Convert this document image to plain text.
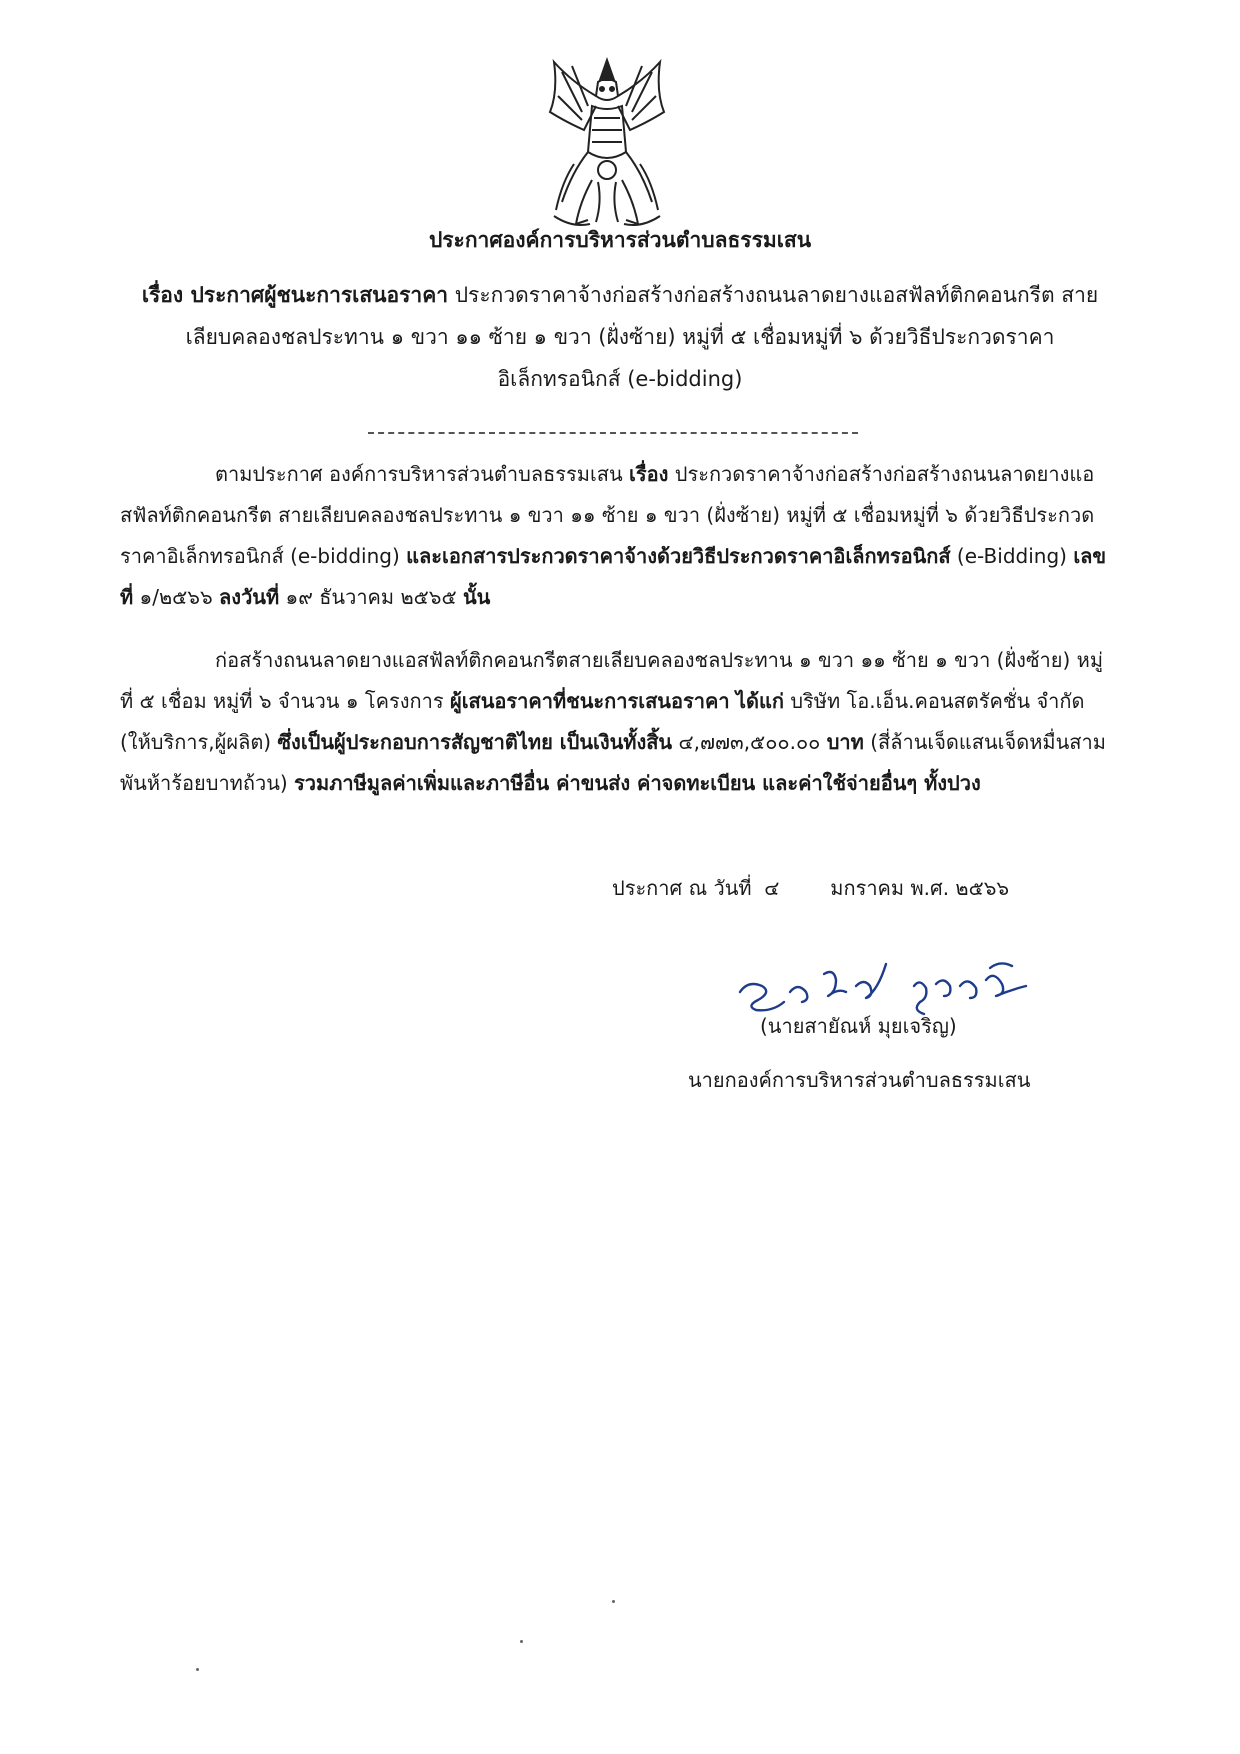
ประกาศองค์การบริหารส่วนตำบลธรรมเสน
เรื่อง ประกาศผู้ชนะการเสนอราคา ประกวดราคาจ้างก่อสร้างก่อสร้างถนนลาดยางแอสฟัลท์ติกคอนกรีต สาย
เลียบคลองชลประทาน ๑ ขวา ๑๑ ซ้าย ๑ ขวา (ฝั่งซ้าย) หมู่ที่ ๕ เชื่อมหมู่ที่ ๖ ด้วยวิธีประกวดราคา
อิเล็กทรอนิกส์ (e-bidding)

ตามประกาศ องค์การบริหารส่วนตำบลธรรมเสน เรื่อง ประกวดราคาจ้างก่อสร้างก่อสร้างถนนลาดยางแอสฟัลท์ติกคอนกรีต สายเลียบคลองชลประทาน ๑ ขวา ๑๑ ซ้าย ๑ ขวา (ฝั่งซ้าย) หมู่ที่ ๕ เชื่อมหมู่ที่ ๖ ด้วยวิธีประกวดราคาอิเล็กทรอนิกส์ (e-bidding) และเอกสารประกวดราคาจ้างด้วยวิธีประกวดราคาอิเล็กทรอนิกส์ (e-Bidding) เลขที่ ๑/๒๕๖๖ ลงวันที่ ๑๙ ธันวาคม ๒๕๖๕ นั้น

ก่อสร้างถนนลาดยางแอสฟัลท์ติกคอนกรีตสายเลียบคลองชลประทาน ๑ ขวา ๑๑ ซ้าย ๑ ขวา (ฝั่งซ้าย) หมู่ที่ ๕ เชื่อม หมู่ที่ ๖ จำนวน ๑ โครงการ ผู้เสนอราคาที่ชนะการเสนอราคา ได้แก่ บริษัท โอ.เอ็น.คอนสตรัคชั่น จำกัด (ให้บริการ,ผู้ผลิต) ซึ่งเป็นผู้ประกอบการสัญชาติไทย เป็นเงินทั้งสิ้น ๔,๗๗๓,๕๐๐.๐๐ บาท (สี่ล้านเจ็ดแสนเจ็ดหมื่นสามพันห้าร้อยบาทถ้วน) รวมภาษีมูลค่าเพิ่มและภาษีอื่น ค่าขนส่ง ค่าจดทะเบียน และค่าใช้จ่ายอื่นๆ ทั้งปวง

ประกาศ ณ วันที่  ๔        มกราคม พ.ศ. ๒๕๖๖
(นายสายัณห์ มุยเจริญ)
นายกองค์การบริหารส่วนตำบลธรรมเสน
